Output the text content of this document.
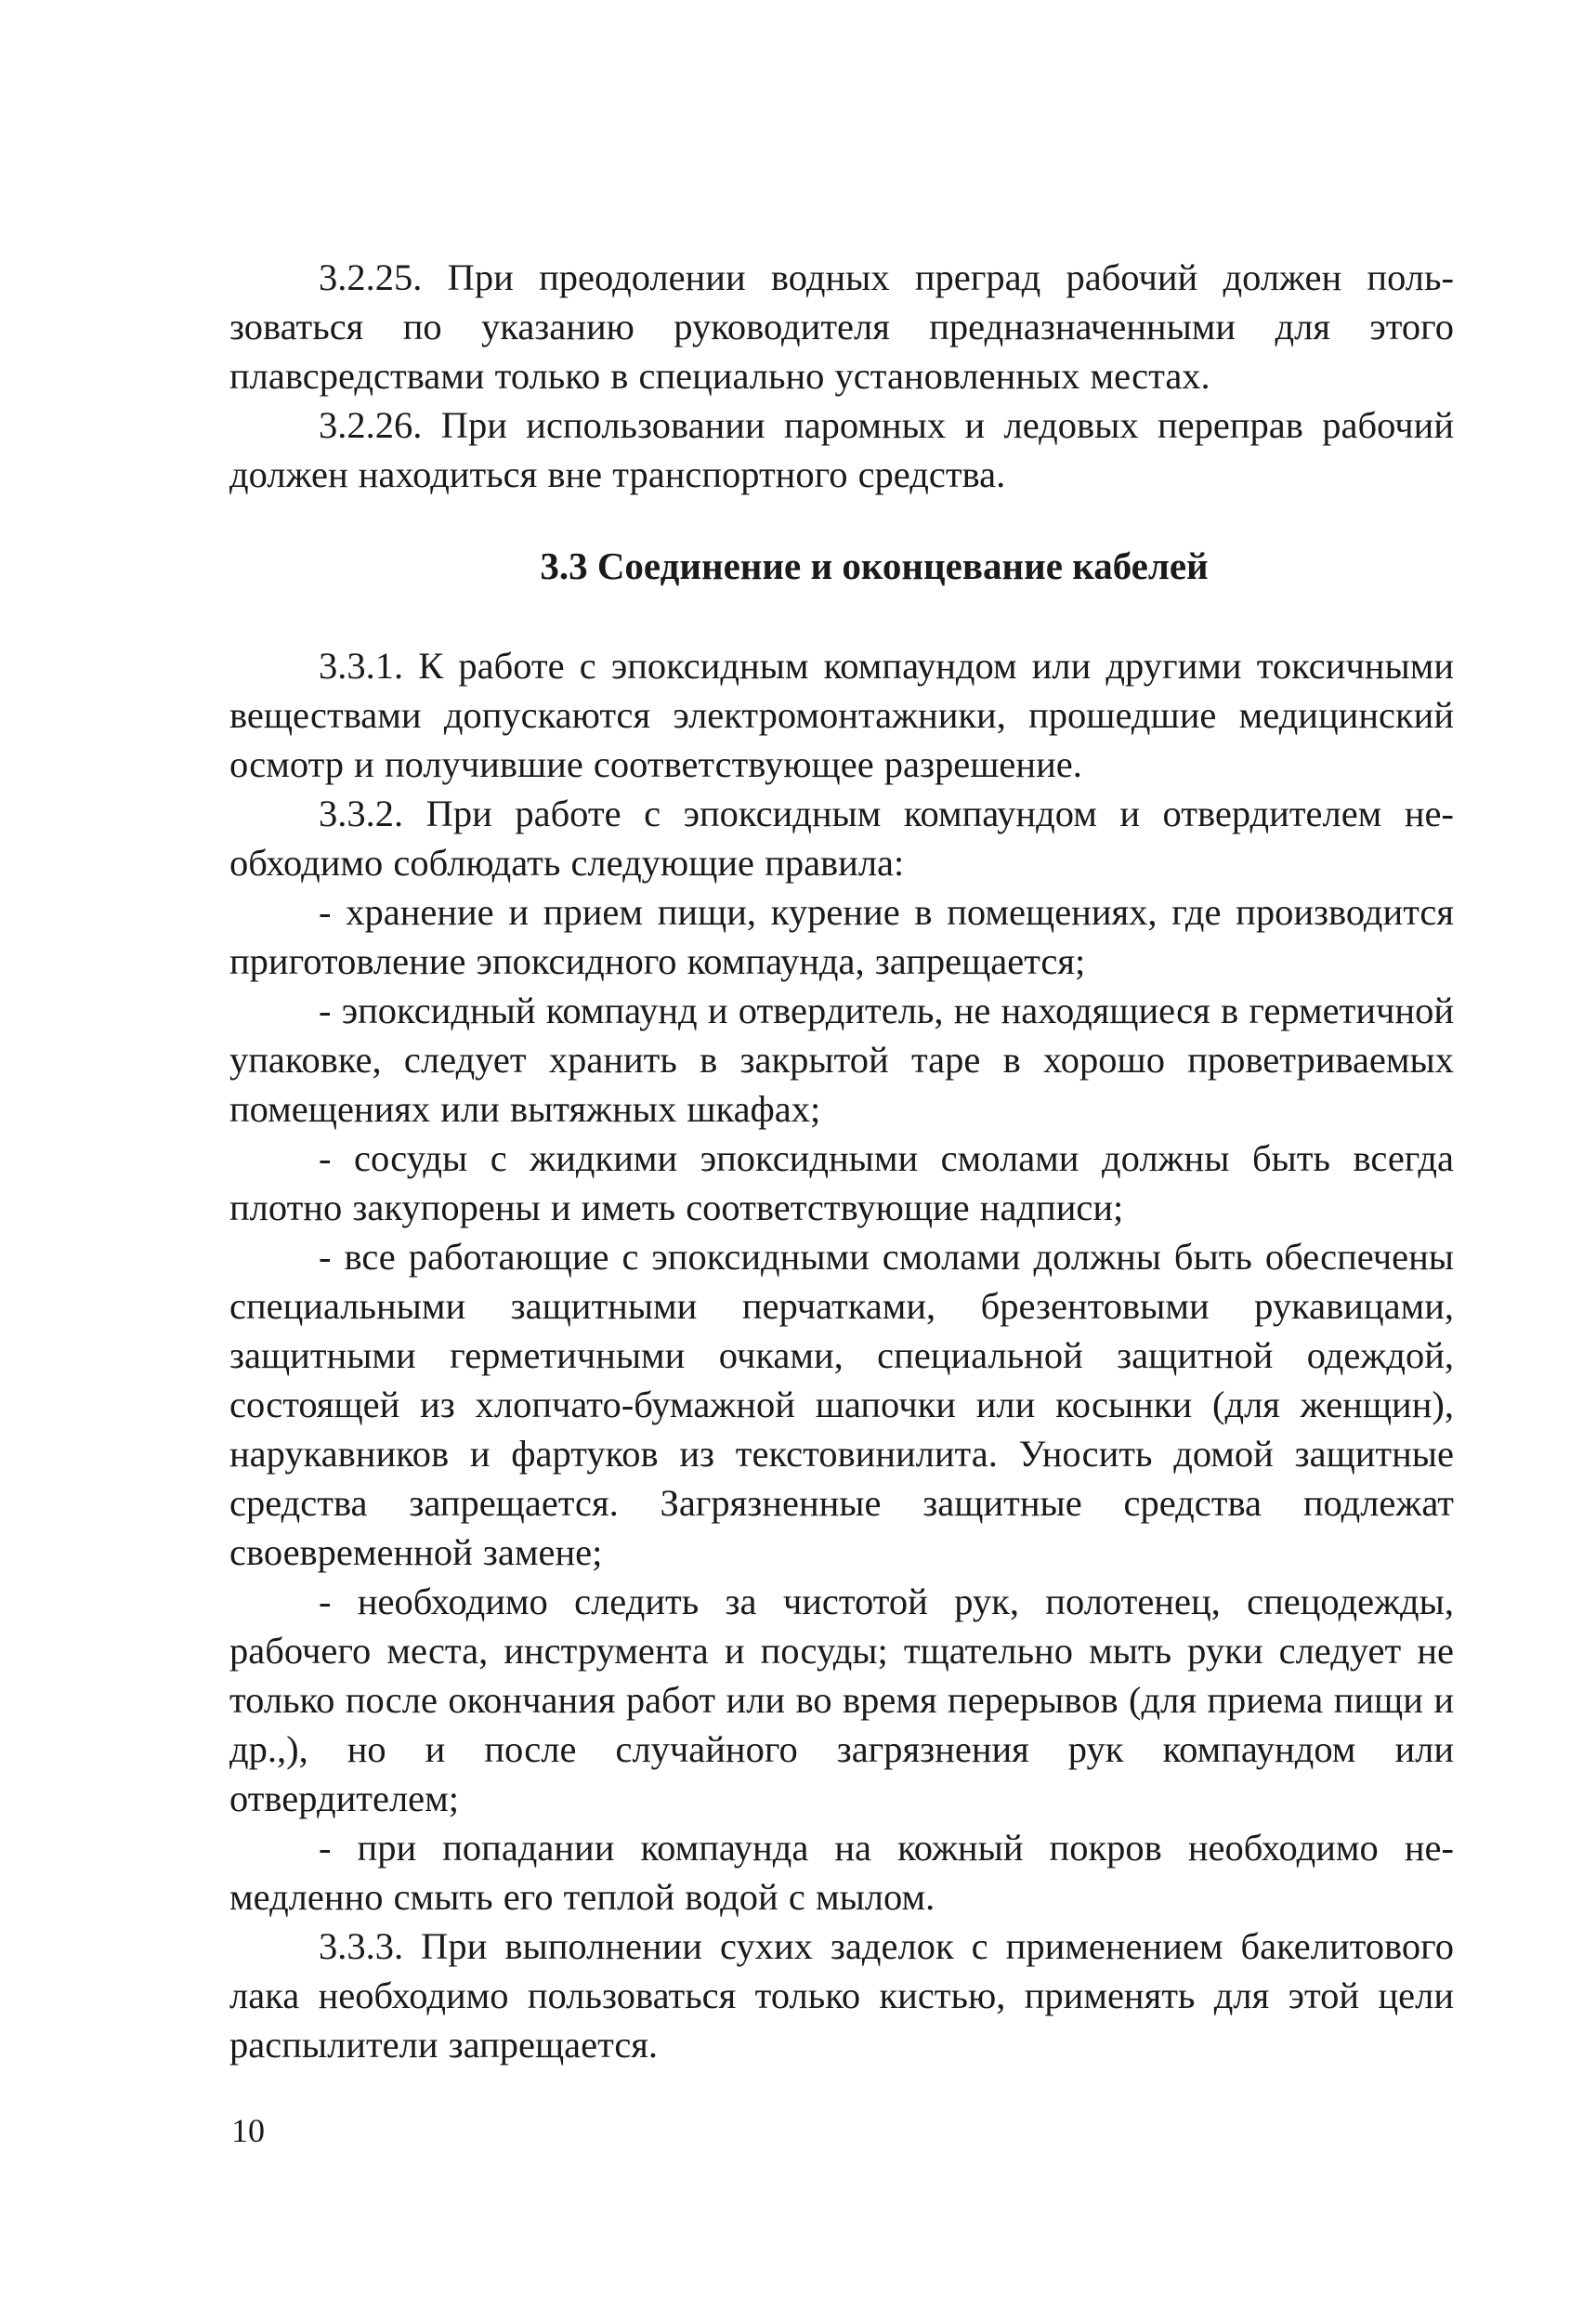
3.2.25. При преодолении водных преград рабочий должен пользоваться по указанию руководителя предназначенными для этого плавсредствами только в специально установленных местах.

3.2.26. При использовании паромных и ледовых переправ рабочий должен находиться вне транспортного средства.

3.3 Соединение и оконцевание кабелей

3.3.1. К работе с эпоксидным компаундом или другими токсичными веществами допускаются электромонтажники, прошедшие медицинский осмотр и получившие соответствующее разрешение.

3.3.2. При работе с эпоксидным компаундом и отвердителем необходимо соблюдать следующие правила:

- хранение и прием пищи, курение в помещениях, где производится приготовление эпоксидного компаунда, запрещается;

- эпоксидный компаунд и отвердитель, не находящиеся в герметичной упаковке, следует хранить в закрытой таре в хорошо проветриваемых помещениях или вытяжных шкафах;

- сосуды с жидкими эпоксидными смолами должны быть всегда плотно закупорены и иметь соответствующие надписи;

- все работающие с эпоксидными смолами должны быть обеспечены специальными защитными перчатками, брезентовыми рукавицами, защитными герметичными очками, специальной защитной одеждой, состоящей из хлопчато-бумажной шапочки или косынки (для женщин), нарукавников и фартуков из текстовинилита. Уносить домой защитные средства запрещается. Загрязненные защитные средства подлежат своевременной замене;

- необходимо следить за чистотой рук, полотенец, спецодежды, рабочего места, инструмента и посуды; тщательно мыть руки следует не только после окончания работ или во время перерывов (для приема пищи и др.,), но и после случайного загрязнения рук компаундом или отвердителем;

- при попадании компаунда на кожный покров необходимо немедленно смыть его теплой водой с мылом.

3.3.3. При выполнении сухих заделок с применением бакелитового лака необходимо пользоваться только кистью, применять для этой цели распылители запрещается.

10
